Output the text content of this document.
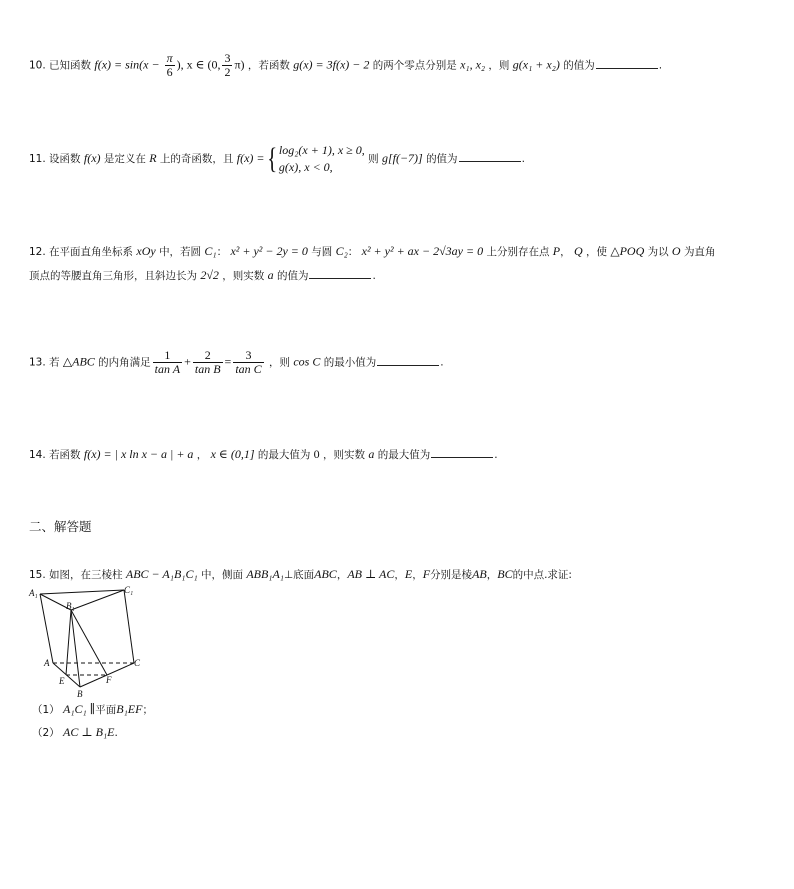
10. 已知函数 $f(x) = \sin(x - \frac{\pi}{6}$ ), x ∈ (0, $\frac{3}{2} \pi$) ，若函数 g(x) = 3f(x) − 2 的两个零点分别是 x₁, x₂ ，则 g(x₁ + x₂) 的值为	.
11. 设函数 f(x) 是定义在 R 上的奇函数，且 f(x) ={ log₂(x + 1), x ≥ 0,
g(x), x < 0,
则 g[f(−7)] 的值为	.
12. 在平面直角坐标系 xOy 中，若圆 C₁： x² + y² − 2y = 0 与圆 C₂： x² + y² + ax − 2√3ay = 0 上分别存在点 P， Q ，使 △POQ 为以 O 为直角
顶点的等腰直角三角形，且斜边长为 2√2 ，则实数 a 的值为	.
13. 若 △ABC 的内角满足 $\frac{1}{\text{tan A}} + \frac{2}{\text{tan B}} = \frac{3}{\text{tan C}}$ ，则 cos C 的最小值为	.
14. 若函数 f(x) = | x ln x − a | + a ， x ∈ (0,1] 的最大值为 0 ，则实数 a 的最大值为	.
二、解答题
15. 如图，在三棱柱 ABC − A₁B₁C₁ 中，侧面 ABB₁A₁⊥底面ABC，AB ⊥ AC，E，F分别是棱AB，BC的中点.求证:
A₁	C₁
B₁
A	C
E	F
B
（1） A₁C₁ ∥平面B₁EF；
（2） AC ⊥ B₁E.
